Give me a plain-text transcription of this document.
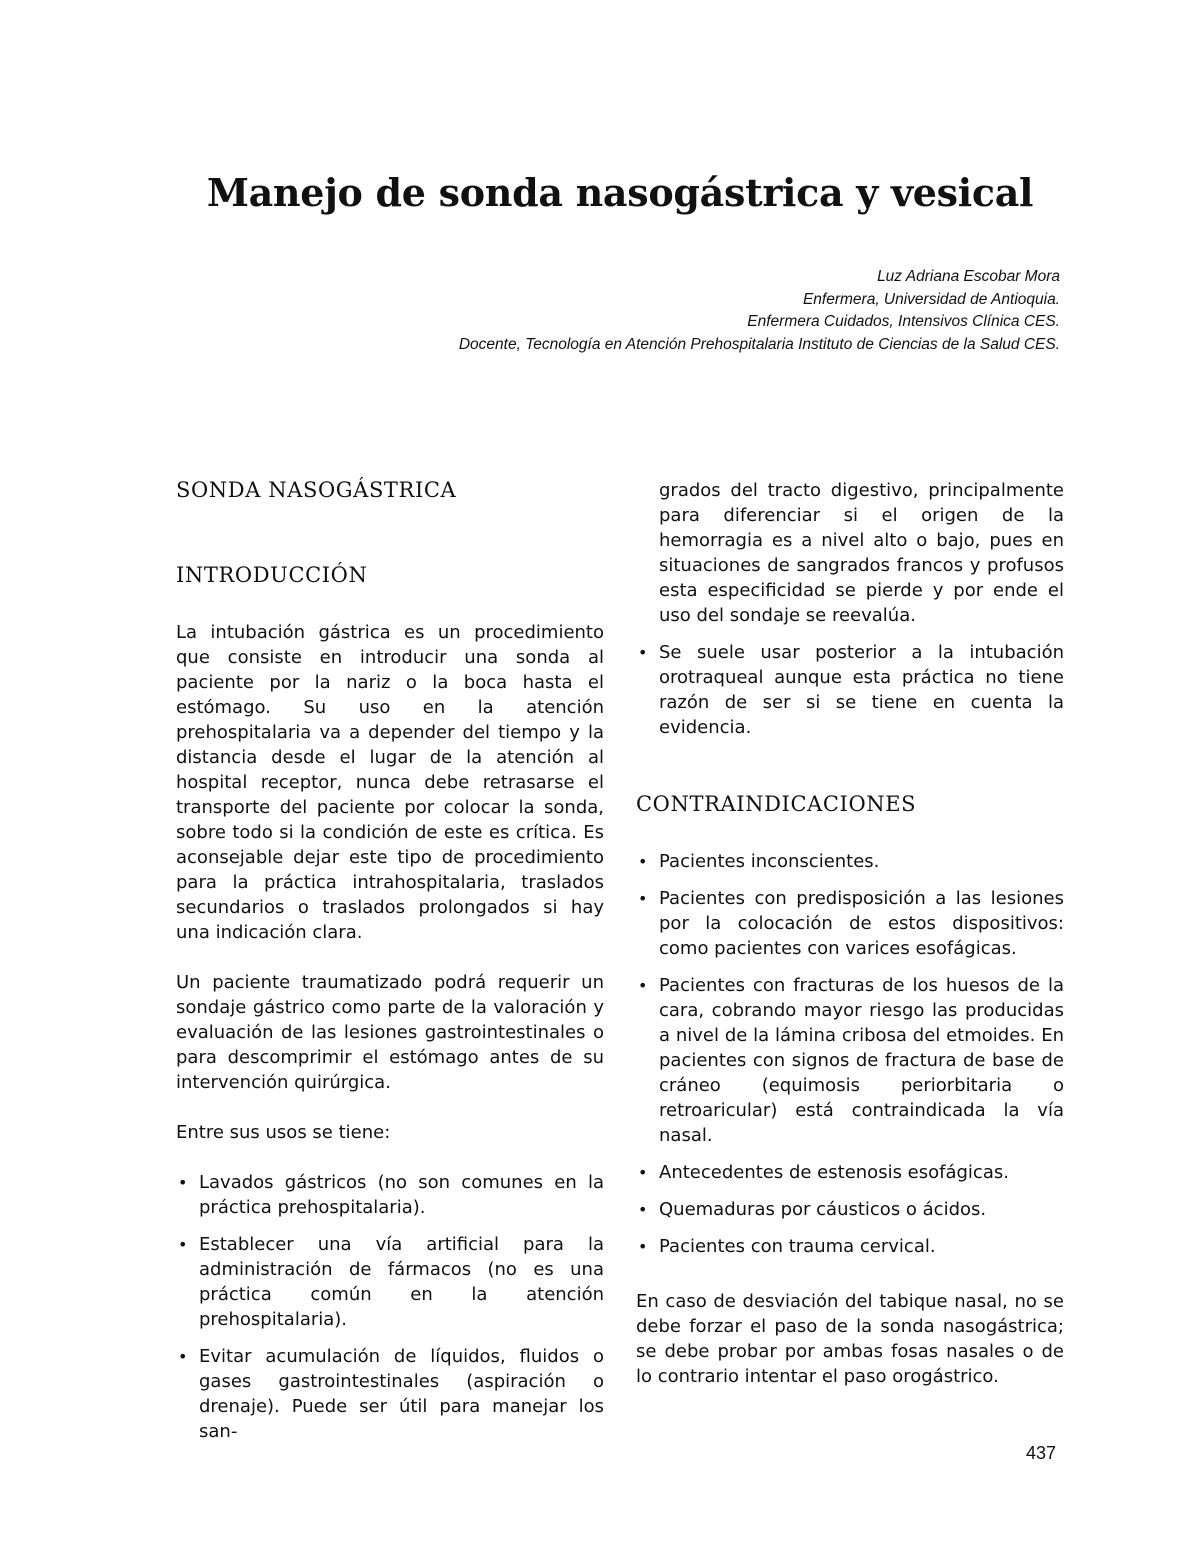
Manejo de sonda nasogástrica y vesical
Luz Adriana Escobar Mora
Enfermera, Universidad de Antioquia.
Enfermera Cuidados, Intensivos Clínica CES.
Docente, Tecnología en Atención Prehospitalaria Instituto de Ciencias de la Salud CES.
SONDA NASOGÁSTRICA
INTRODUCCIÓN

La intubación gástrica es un procedimiento que consiste en introducir una sonda al paciente por la nariz o la boca hasta el estómago. Su uso en la atención prehospitalaria va a depender del tiempo y la distancia desde el lugar de la atención al hospital receptor, nunca debe retrasarse el transporte del paciente por colocar la sonda, sobre todo si la condición de este es crítica. Es aconsejable dejar este tipo de procedimiento para la práctica intrahospitalaria, traslados secundarios o traslados prolongados si hay una indicación clara.

Un paciente traumatizado podrá requerir un sondaje gástrico como parte de la valoración y evaluación de las lesiones gastrointestinales o para descomprimir el estómago antes de su intervención quirúrgica.

Entre sus usos se tiene:

• Lavados gástricos (no son comunes en la práctica prehospitalaria).
• Establecer una vía artificial para la administración de fármacos (no es una práctica común en la atención prehospitalaria).
• Evitar acumulación de líquidos, fluidos o gases gastrointestinales (aspiración o drenaje). Puede ser útil para manejar los san-
grados del tracto digestivo, principalmente para diferenciar si el origen de la hemorragia es a nivel alto o bajo, pues en situaciones de sangrados francos y profusos esta especificidad se pierde y por ende el uso del sondaje se reevalúa.
• Se suele usar posterior a la intubación orotraqueal aunque esta práctica no tiene razón de ser si se tiene en cuenta la evidencia.
CONTRAINDICACIONES
• Pacientes inconscientes.
• Pacientes con predisposición a las lesiones por la colocación de estos dispositivos: como pacientes con varices esofágicas.
• Pacientes con fracturas de los huesos de la cara, cobrando mayor riesgo las producidas a nivel de la lámina cribosa del etmoides. En pacientes con signos de fractura de base de cráneo (equimosis periorbitaria o retroaricular) está contraindicada la vía nasal.
• Antecedentes de estenosis esofágicas.
• Quemaduras por cáusticos o ácidos.
• Pacientes con trauma cervical.

En caso de desviación del tabique nasal, no se debe forzar el paso de la sonda nasogástrica; se debe probar por ambas fosas nasales o de lo contrario intentar el paso orogástrico.

437
